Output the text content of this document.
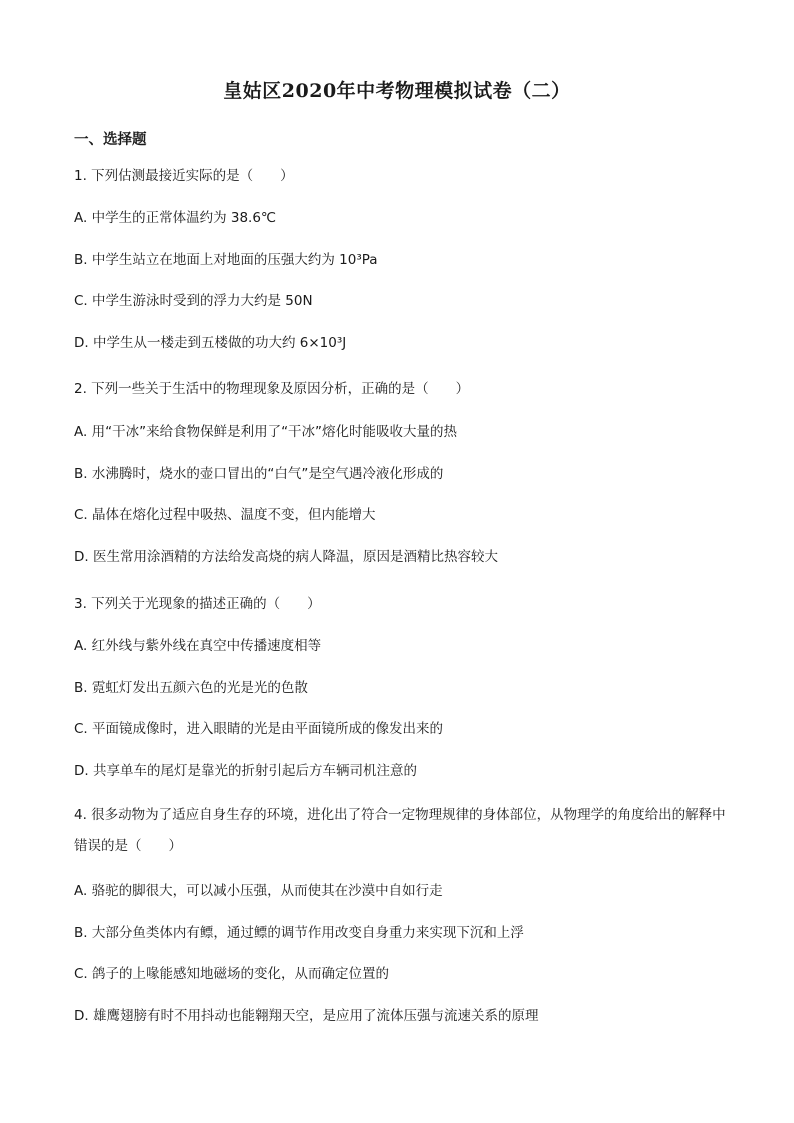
皇姑区2020年中考物理模拟试卷（二）
一、选择题
1. 下列估测最接近实际的是（　　）
A. 中学生的正常体温约为 38.6℃
B. 中学生站立在地面上对地面的压强大约为 10³Pa
C. 中学生游泳时受到的浮力大约是 50N
D. 中学生从一楼走到五楼做的功大约 6×10³J
2. 下列一些关于生活中的物理现象及原因分析，正确的是（　　）
A. 用“干冰”来给食物保鲜是利用了“干冰”熔化时能吸收大量的热
B. 水沸腾时，烧水的壶口冒出的“白气”是空气遇冷液化形成的
C. 晶体在熔化过程中吸热、温度不变，但内能增大
D. 医生常用涂酒精的方法给发高烧的病人降温，原因是酒精比热容较大
3. 下列关于光现象的描述正确的（　　）
A. 红外线与紫外线在真空中传播速度相等
B. 霓虹灯发出五颜六色的光是光的色散
C. 平面镜成像时，进入眼睛的光是由平面镜所成的像发出来的
D. 共享单车的尾灯是靠光的折射引起后方车辆司机注意的
4. 很多动物为了适应自身生存的环境，进化出了符合一定物理规律的身体部位，从物理学的角度给出的解释中错误的是（　　）
A. 骆驼的脚很大，可以减小压强，从而使其在沙漠中自如行走
B. 大部分鱼类体内有鳔，通过鳔的调节作用改变自身重力来实现下沉和上浮
C. 鸽子的上喙能感知地磁场的变化，从而确定位置的
D. 雄鹰翅膀有时不用抖动也能翱翔天空，是应用了流体压强与流速关系的原理
